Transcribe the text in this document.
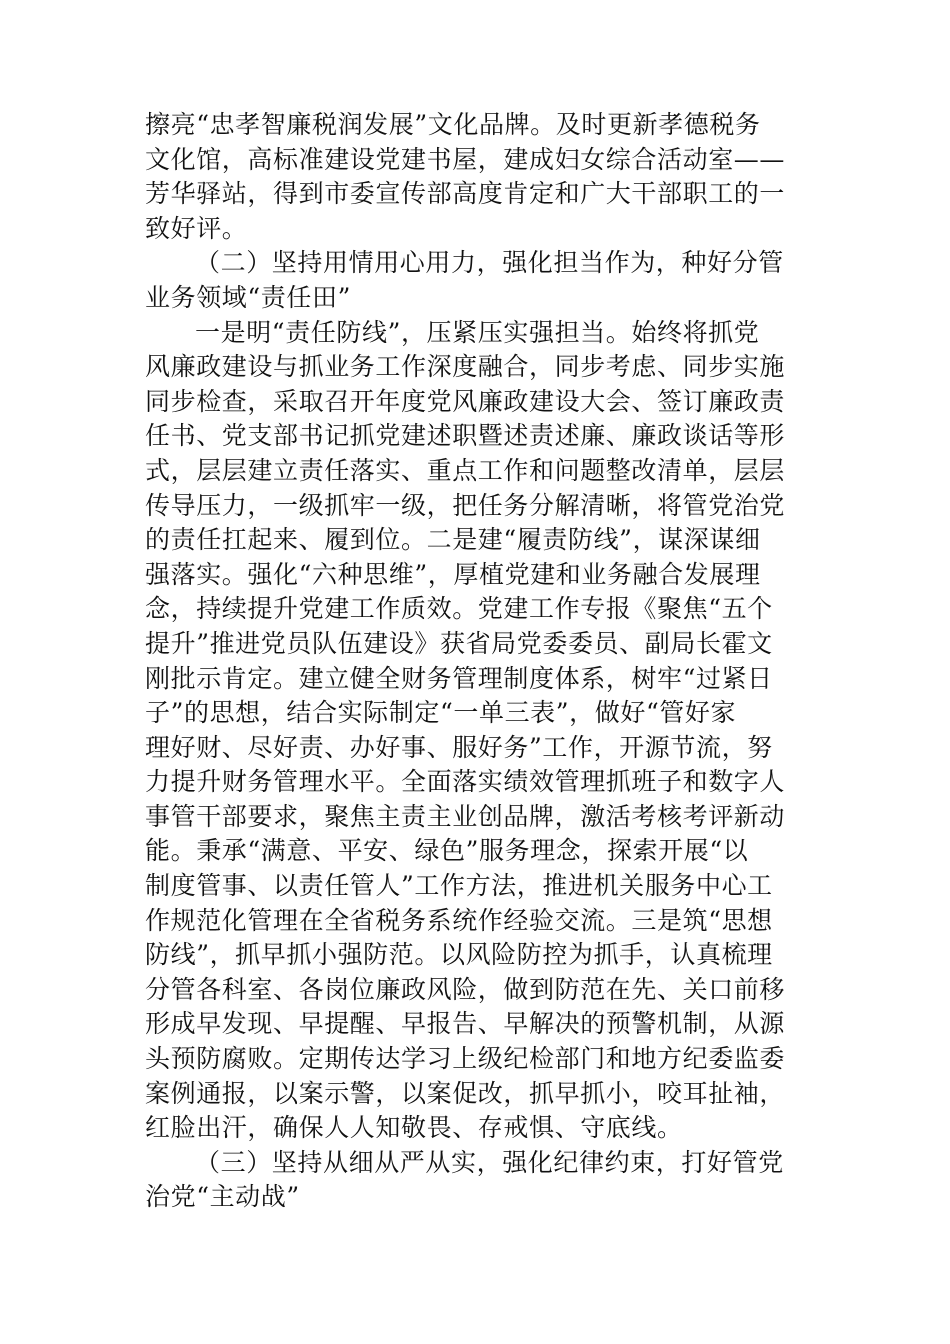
擦亮“忠孝智廉税润发展”文化品牌。及时更新孝德税务
文化馆，高标准建设党建书屋，建成妇女综合活动室——
芳华驿站，得到市委宣传部高度肯定和广大干部职工的一
致好评。
（二）坚持用情用心用力，强化担当作为，种好分管
业务领域“责任田”
一是明“责任防线”，压紧压实强担当。始终将抓党
风廉政建设与抓业务工作深度融合，同步考虑、同步实施
同步检查，采取召开年度党风廉政建设大会、签订廉政责
任书、党支部书记抓党建述职暨述责述廉、廉政谈话等形
式，层层建立责任落实、重点工作和问题整改清单，层层
传导压力，一级抓牢一级，把任务分解清晰，将管党治党
的责任扛起来、履到位。二是建“履责防线”，谋深谋细
强落实。强化“六种思维”，厚植党建和业务融合发展理
念，持续提升党建工作质效。党建工作专报《聚焦“五个
提升”推进党员队伍建设》获省局党委委员、副局长霍文
刚批示肯定。建立健全财务管理制度体系，树牢“过紧日
子”的思想，结合实际制定“一单三表”，做好“管好家
理好财、尽好责、办好事、服好务”工作，开源节流，努
力提升财务管理水平。全面落实绩效管理抓班子和数字人
事管干部要求，聚焦主责主业创品牌，激活考核考评新动
能。秉承“满意、平安、绿色”服务理念，探索开展“以
制度管事、以责任管人”工作方法，推进机关服务中心工
作规范化管理在全省税务系统作经验交流。三是筑“思想
防线”，抓早抓小强防范。以风险防控为抓手，认真梳理
分管各科室、各岗位廉政风险，做到防范在先、关口前移
形成早发现、早提醒、早报告、早解决的预警机制，从源
头预防腐败。定期传达学习上级纪检部门和地方纪委监委
案例通报，以案示警，以案促改，抓早抓小，咬耳扯袖，
红脸出汗，确保人人知敬畏、存戒惧、守底线。
（三）坚持从细从严从实，强化纪律约束，打好管党
治党“主动战”
